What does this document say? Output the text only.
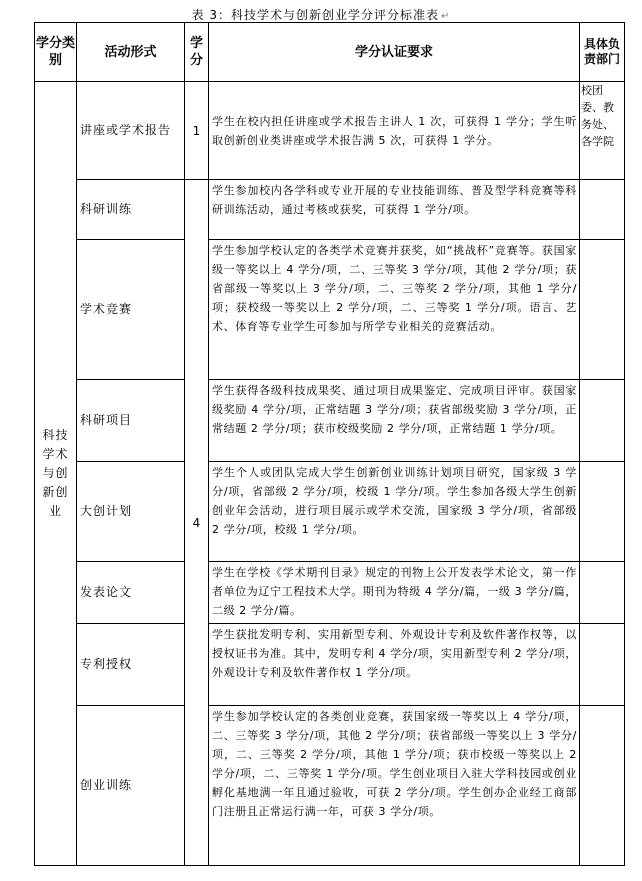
表 3：科技学术与创新创业学分评分标准表 ↵
学分类别	活动形式	学分	学分认证要求	具体负责部门
科技学术与创新创业	讲座或学术报告	1	学生在校内担任讲座或学术报告主讲人 1 次，可获得 1 学分；学生听取创新创业类讲座或学术报告满 5 次，可获得 1 学分。	校团委、教务处、各学院
	科研训练	4	学生参加校内各学科或专业开展的专业技能训练、普及型学科竞赛等科研训练活动，通过考核或获奖，可获得 1 学分/项。	
	学术竞赛		学生参加学校认定的各类学术竞赛并获奖，如“挑战杯”竞赛等。获国家级一等奖以上 4 学分/项，二、三等奖 3 学分/项，其他 2 学分/项；获省部级一等奖以上 3 学分/项，二、三等奖 2 学分/项，其他 1 学分/项；获校级一等奖以上 2 学分/项，二、三等奖 1 学分/项。语言、艺术、体育等专业学生可参加与所学专业相关的竞赛活动。	
	科研项目		学生获得各级科技成果奖、通过项目成果鉴定、完成项目评审。获国家级奖励 4 学分/项，正常结题 3 学分/项；获省部级奖励 3 学分/项，正常结题 2 学分/项；获市校级奖励 2 学分/项，正常结题 1 学分/项。	
	大创计划		学生个人或团队完成大学生创新创业训练计划项目研究，国家级 3 学分/项，省部级 2 学分/项，校级 1 学分/项。学生参加各级大学生创新创业年会活动，进行项目展示或学术交流，国家级 3 学分/项，省部级 2 学分/项，校级 1 学分/项。	
	发表论文		学生在学校《学术期刊目录》规定的刊物上公开发表学术论文，第一作者单位为辽宁工程技术大学。期刊为特级 4 学分/篇，一级 3 学分/篇，二级 2 学分/篇。	
	专利授权		学生获批发明专利、实用新型专利、外观设计专利及软件著作权等，以授权证书为准。其中，发明专利 4 学分/项，实用新型专利 2 学分/项，外观设计专利及软件著作权 1 学分/项。	
	创业训练		学生参加学校认定的各类创业竞赛，获国家级一等奖以上 4 学分/项，二、三等奖 3 学分/项，其他 2 学分/项；获省部级一等奖以上 3 学分/项，二、三等奖 2 学分/项，其他 1 学分/项；获市校级一等奖以上 2 学分/项，二、三等奖 1 学分/项。学生创业项目入驻大学科技园或创业孵化基地满一年且通过验收，可获 2 学分/项。学生创办企业经工商部门注册且正常运行满一年，可获 3 学分/项。	
